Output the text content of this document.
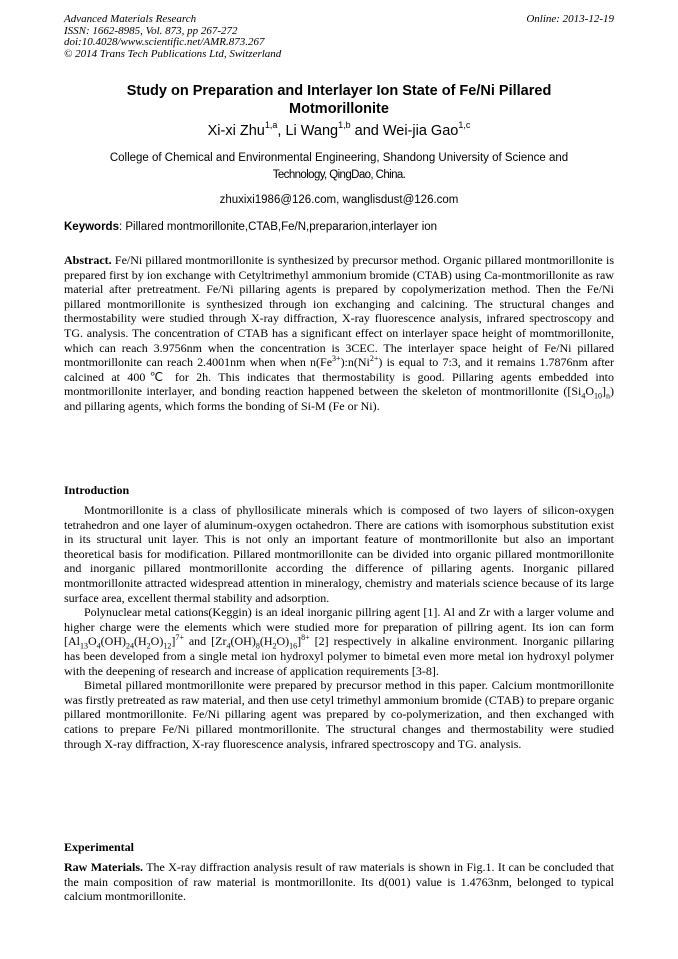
Advanced Materials Research
ISSN: 1662-8985, Vol. 873, pp 267-272
doi:10.4028/www.scientific.net/AMR.873.267
© 2014 Trans Tech Publications Ltd, Switzerland
Online: 2013-12-19
Study on Preparation and Interlayer Ion State of Fe/Ni Pillared
Motmorillonite
Xi-xi Zhu$^{1,a}$, Li Wang$^{1,b}$ and Wei-jia Gao$^{1,c}$
College of Chemical and Environmental Engineering, Shandong University of Science and
Technology, QingDao, China.
zhuxixi1986@126.com, wanglisdust@126.com
Keywords: Pillared montmorillonite,CTAB,Fe/N,prepararion,interlayer ion
Abstract. Fe/Ni pillared montmorillonite is synthesized by precursor method. Organic pillared montmorillonite is prepared first by ion exchange with Cetyltrimethyl ammonium bromide (CTAB) using Ca-montmorillonite as raw material after pretreatment. Fe/Ni pillaring agents is prepared by copolymerization method. Then the Fe/Ni pillared montmorillonite is synthesized through ion exchanging and calcining. The structural changes and thermostability were studied through X-ray diffraction, X-ray fluorescence analysis, infrared spectroscopy and TG. analysis. The concentration of CTAB has a significant effect on interlayer space height of momtmorillonite, which can reach 3.9756nm when the concentration is 3CEC. The interlayer space height of Fe/Ni pillared montmorillonite can reach 2.4001nm when when $n(Fe^{3+}):n(Ni^{2+})$ is equal to 7:3, and it remains 1.7876nm after calcined at 400℃ for 2h. This indicates that thermostability is good. Pillaring agents embedded into montmorillonite interlayer, and bonding reaction happened between the skeleton of montmorillonite $([Si_4O_{10}]_n)$ and pillaring agents, which forms the bonding of Si-M (Fe or Ni).
Introduction

Montmorillonite is a class of phyllosilicate minerals which is composed of two layers of silicon-oxygen tetrahedron and one layer of aluminum-oxygen octahedron. There are cations with isomorphous substitution exist in its structural unit layer. This is not only an important feature of montmorillonite but also an important theoretical basis for modification. Pillared montmorillonite can be divided into organic pillared montmorillonite and inorganic pillared montmorillonite according the difference of pillaring agents. Inorganic pillared montmorillonite attracted widespread attention in mineralogy, chemistry and materials science because of its large surface area, excellent thermal stability and adsorption.

Polynuclear metal cations(Keggin) is an ideal inorganic pillring agent [1]. Al and Zr with a larger volume and higher charge were the elements which were studied more for preparation of pillring agent. Its ion can form $[Al_{13}O_4(OH)_{24}(H_2O)_{12}]^{7+}$ and $[Zr_4(OH)_8(H_2O)_{16}]^{8+}$ [2] respectively in alkaline environment. Inorganic pillaring has been developed from a single metal ion hydroxyl polymer to bimetal even more metal ion hydroxyl polymer with the deepening of research and increase of application requirements [3-8].

Bimetal pillared montmorillonite were prepared by precursor method in this paper. Calcium montmorillonite was firstly pretreated as raw material, and then use cetyl trimethyl ammonium bromide (CTAB) to prepare organic pillared montmorillonite. Fe/Ni pillaring agent was prepared by co-polymerization, and then exchanged with cations to prepare Fe/Ni pillared montmorillonite. The structural changes and thermostability were studied through X-ray diffraction, X-ray fluorescence analysis, infrared spectroscopy and TG. analysis.

Experimental
Raw Materials. The X-ray diffraction analysis result of raw materials is shown in Fig.1. It can be concluded that the main composition of raw material is montmorillonite. Its d(001) value is 1.4763nm, belonged to typical calcium montmorillonite.
